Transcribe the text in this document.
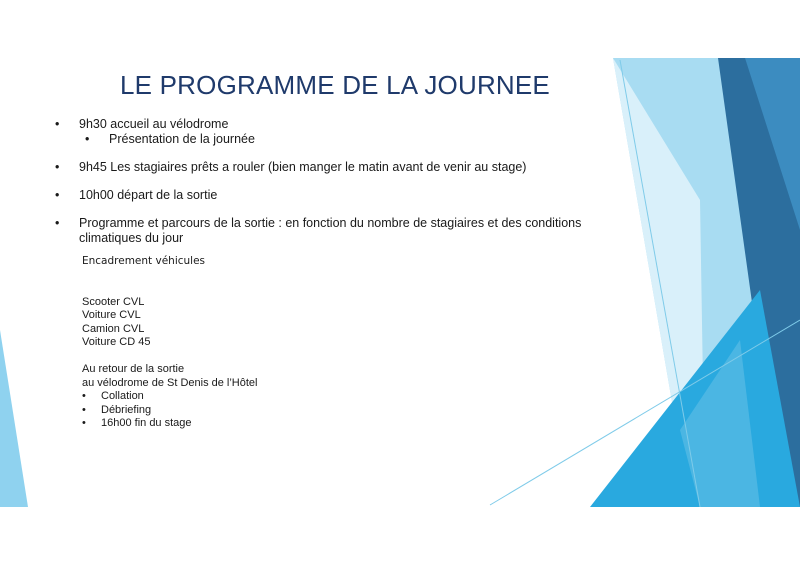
LE PROGRAMME DE LA JOURNEE
• 9h30 accueil au vélodrome
• Présentation de la journée
• 9h45 Les stagiaires prêts a rouler (bien manger le matin avant de venir au stage)
• 10h00 départ de la sortie
• Programme et parcours de la sortie : en fonction du nombre de stagiaires et des conditions climatiques du jour
Encadrement véhicules
Scooter CVL
Voiture CVL
Camion CVL
Voiture CD 45
Au retour de la sortie
au vélodrome de St Denis de l’Hôtel
• Collation
• Débriefing
• 16h00 fin du stage
